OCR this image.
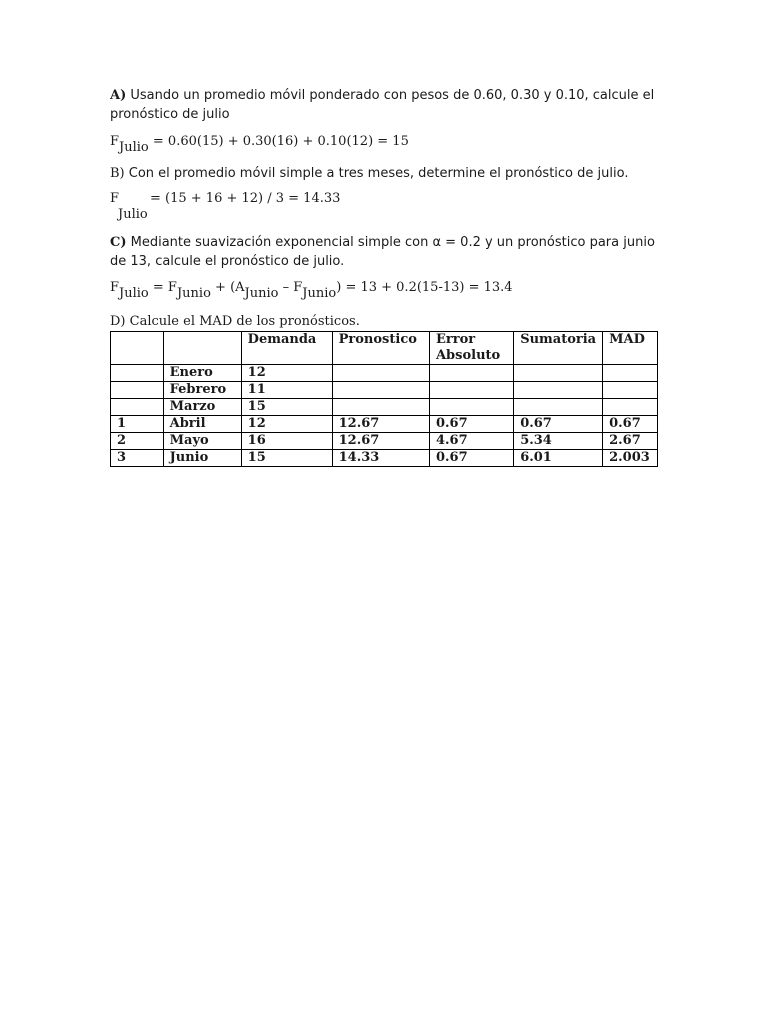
A) Usando un promedio móvil ponderado con pesos de 0.60, 0.30 y 0.10, calcule el pronóstico de julio

$F_{Julio} = 0.60(15) + 0.30(16) + 0.10(12) = 15$

B) Con el promedio móvil simple a tres meses, determine el pronóstico de julio.

F = (15 + 16 + 12) / 3 = 14.33
Julio

C) Mediante suavización exponencial simple con α = 0.2 y un pronóstico para junio de 13, calcule el pronóstico de julio.

$F_{Julio} = F_{Junio} + (A_{Junio} - F_{Junio}) = 13 + 0.2(15-13) = 13.4$

D) Calcule el MAD de los pronósticos.

		Demanda	Pronostico	Error Absoluto	Sumatoria	MAD
	Enero	12				
	Febrero	11				
	Marzo	15				
1	Abril	12	12.67	0.67	0.67	0.67
2	Mayo	16	12.67	4.67	5.34	2.67
3	Junio	15	14.33	0.67	6.01	2.003
